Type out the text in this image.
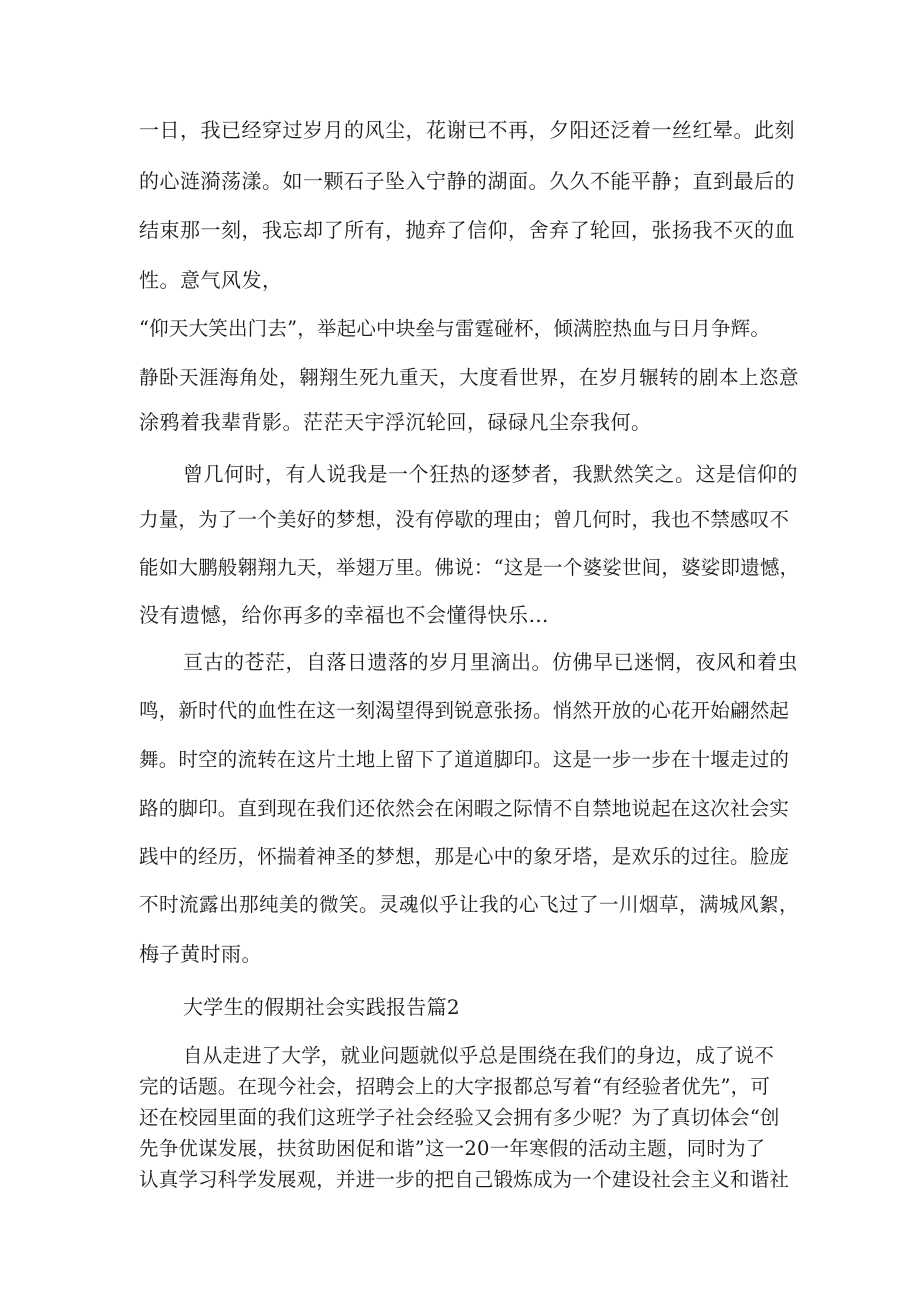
一日，我已经穿过岁月的风尘，花谢已不再，夕阳还泛着一丝红晕。此刻
的心涟漪荡漾。如一颗石子坠入宁静的湖面。久久不能平静；直到最后的
结束那一刻，我忘却了所有，抛弃了信仰，舍弃了轮回，张扬我不灭的血
性。意气风发，
“仰天大笑出门去”，举起心中块垒与雷霆碰杯，倾满腔热血与日月争辉。
静卧天涯海角处，翱翔生死九重天，大度看世界，在岁月辗转的剧本上恣意
涂鸦着我辈背影。茫茫天宇浮沉轮回，碌碌凡尘奈我何。
曾几何时，有人说我是一个狂热的逐梦者，我默然笑之。这是信仰的
力量，为了一个美好的梦想，没有停歇的理由；曾几何时，我也不禁感叹不
能如大鹏般翱翔九天，举翅万里。佛说：“这是一个婆娑世间，婆娑即遗憾，
没有遗憾，给你再多的幸福也不会懂得快乐…
亘古的苍茫，自落日遗落的岁月里滴出。仿佛早已迷惘，夜风和着虫
鸣，新时代的血性在这一刻渴望得到锐意张扬。悄然开放的心花开始翩然起
舞。时空的流转在这片土地上留下了道道脚印。这是一步一步在十堰走过的
路的脚印。直到现在我们还依然会在闲暇之际情不自禁地说起在这次社会实
践中的经历，怀揣着神圣的梦想，那是心中的象牙塔，是欢乐的过往。脸庞
不时流露出那纯美的微笑。灵魂似乎让我的心飞过了一川烟草，满城风絮，
梅子黄时雨。
大学生的假期社会实践报告篇2
自从走进了大学，就业问题就似乎总是围绕在我们的身边，成了说不
完的话题。在现今社会，招聘会上的大字报都总写着“有经验者优先”，可
还在校园里面的我们这班学子社会经验又会拥有多少呢？为了真切体会“创
先争优谋发展，扶贫助困促和谐”这一20一年寒假的活动主题，同时为了
认真学习科学发展观，并进一步的把自己锻炼成为一个建设社会主义和谐社
